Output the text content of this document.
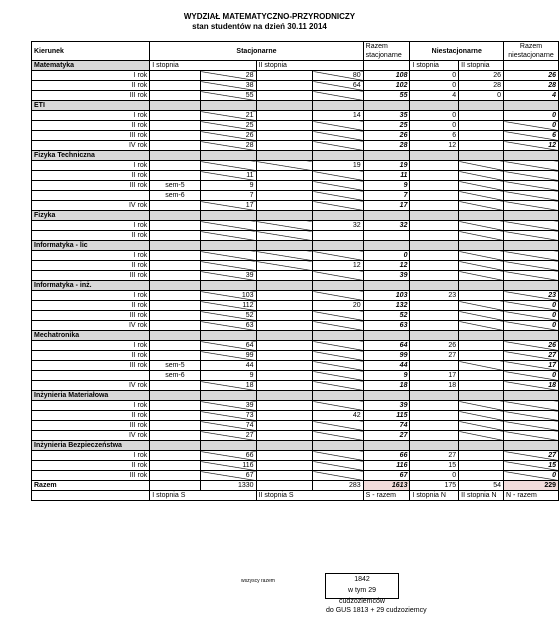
WYDZIAŁ MATEMATYCZNO-PRZYRODNICZY
stan studentów na dzień 30.11 2014
Kierunek	Stacjonarne				Razem stacjonarne	Niestacjonarne		Razem niestacjonarne
Matematyka	I stopnia		II stopnia			I stopnia	II stopnia	
I rok		28		80	108	0	26	26
II rok		38		64	102	0	28	28
III rok		55			55	4	0	4
ETI								
I rok		21		14	35	0		0
II rok		25			25	0		0
III rok		26			26	6		6
IV rok		28			28	12		12
Fizyka Techniczna								
I rok				19	19			
II rok		11			11			
III rok	sem-5	9			9			
	sem-6	7			7			
IV rok		17			17			
Fizyka								
I rok				32	32			
II rok								
Informatyka - lic								
I rok					0			
II rok				12	12			
III rok		39			39			
Informatyka - inż.								
I rok		103			103	23		23
II rok		112		20	132			0
III rok		52			52			0
IV rok		63			63			0
Mechatronika								
I rok		64			64	26		26
II rok		99			99	27		27
III rok	sem-5	44			44			17
	sem-6	9			9	17		0
IV rok		18			18	18		18
Inżynieria Materiałowa								
I rok		39			39			
II rok		73		42	115			
III rok		74			74			
IV rok		27			27			
Inżynieria Bezpieczeństwa								
I rok		66			66	27		27
II rok		116			116	15		15
III rok		67			67	0		0
Razem		1330		283	1613	175	54	229
	I stopnia S		II stopnia S		S - razem	I stopnia N	II stopnia N	N - razem
wszyscy razem	1842
w tym 29 cudzoziemców
do GUS 1813 + 29 cudzoziemcy
